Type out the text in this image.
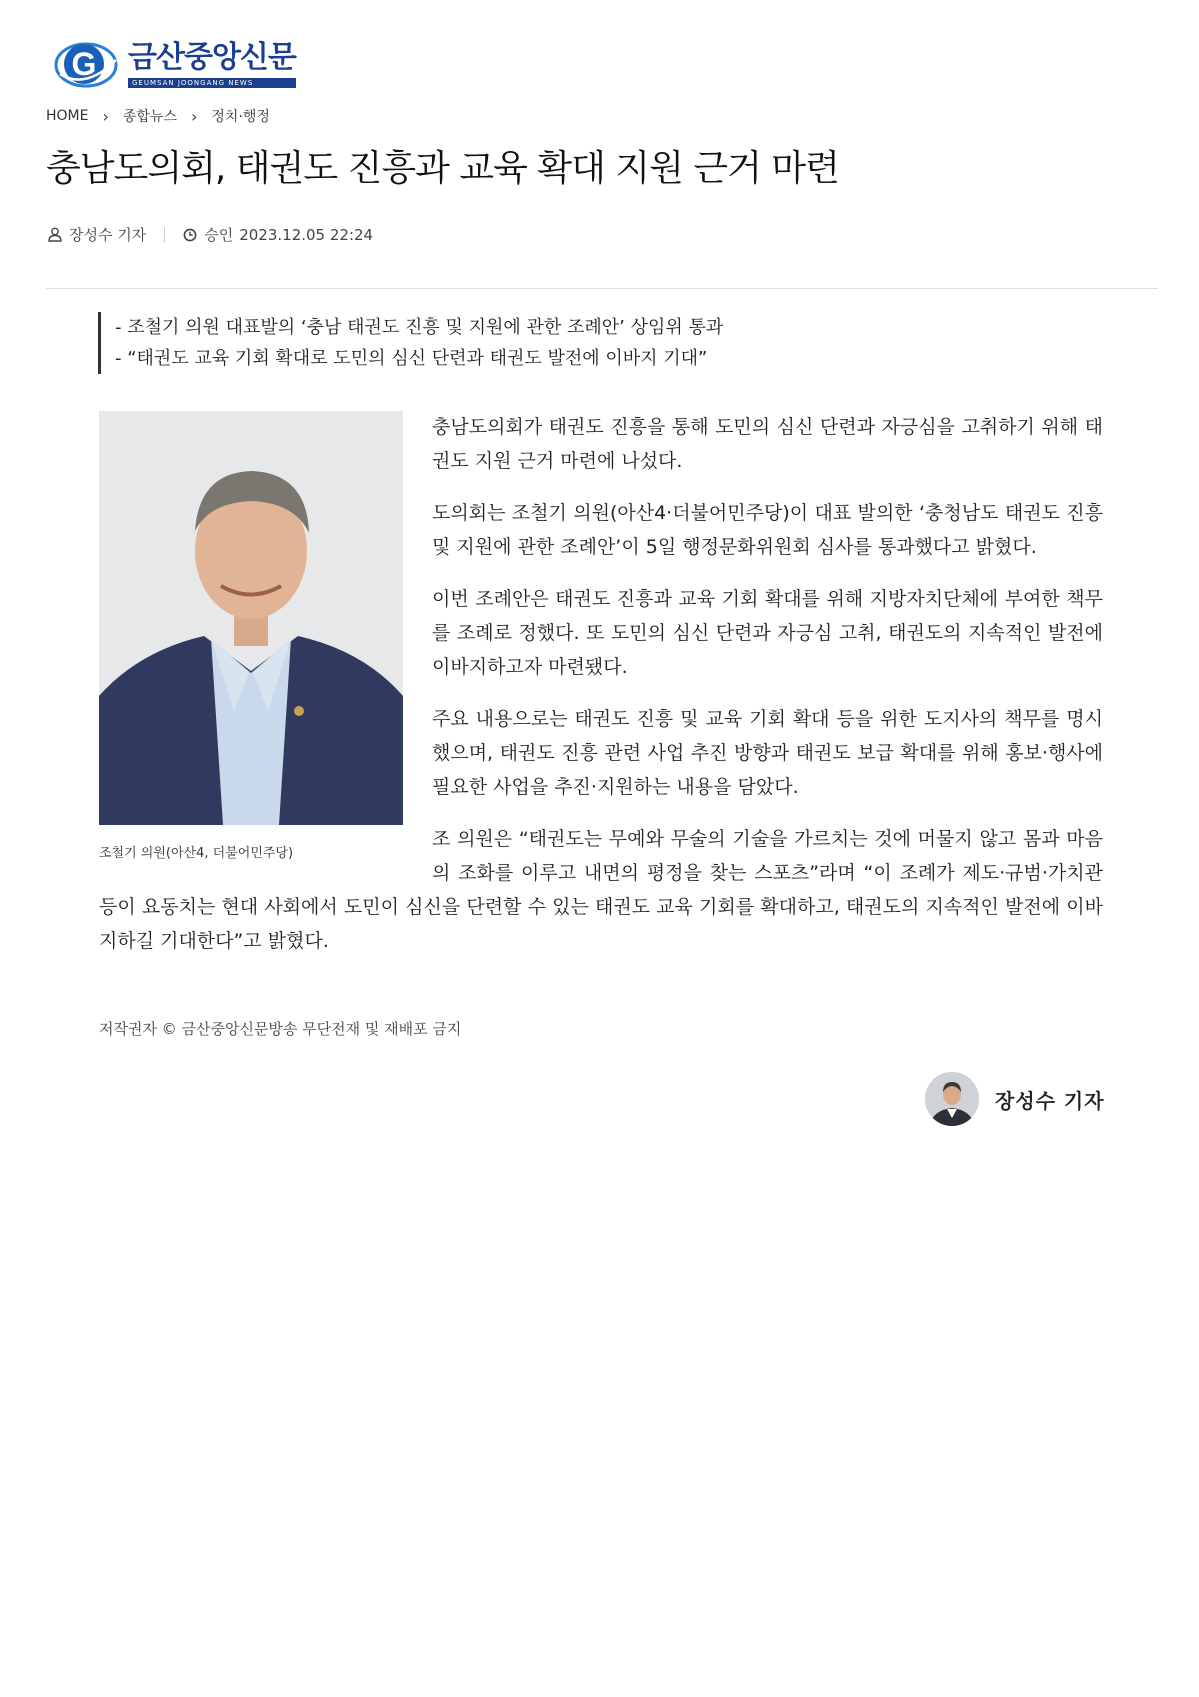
G 금산중앙신문
GEUMSAN JOONGANG NEWS
HOME › 종합뉴스 › 정치·행정
충남도의회, 태권도 진흥과 교육 확대 지원 근거 마련
장성수 기자	승인 2023.12.05 22:24
- 조철기 의원 대표발의 ‘충남 태권도 진흥 및 지원에 관한 조례안’ 상임위 통과
- “태권도 교육 기회 확대로 도민의 심신 단련과 태권도 발전에 이바지 기대”
조철기 의원(아산4, 더불어민주당)

충남도의회가 태권도 진흥을 통해 도민의 심신 단련과 자긍심을 고취하기 위해 태권도 지원 근거 마련에 나섰다.

도의회는 조철기 의원(아산4·더불어민주당)이 대표 발의한 ‘충청남도 태권도 진흥 및 지원에 관한 조례안’이 5일 행정문화위원회 심사를 통과했다고 밝혔다.

이번 조례안은 태권도 진흥과 교육 기회 확대를 위해 지방자치단체에 부여한 책무를 조례로 정했다. 또 도민의 심신 단련과 자긍심 고취, 태권도의 지속적인 발전에 이바지하고자 마련됐다.

주요 내용으로는 태권도 진흥 및 교육 기회 확대 등을 위한 도지사의 책무를 명시했으며, 태권도 진흥 관련 사업 추진 방향과 태권도 보급 확대를 위해 홍보·행사에 필요한 사업을 추진·지원하는 내용을 담았다.

조 의원은 “태권도는 무예와 무술의 기술을 가르치는 것에 머물지 않고 몸과 마음의 조화를 이루고 내면의 평정을 찾는 스포츠”라며 “이 조례가 제도·규범·가치관 등이 요동치는 현대 사회에서 도민이 심신을 단련할 수 있는 태권도 교육 기회를 확대하고, 태권도의 지속적인 발전에 이바지하길 기대한다”고 밝혔다.

저작권자 © 금산중앙신문방송 무단전재 및 재배포 금지
장성수 기자
